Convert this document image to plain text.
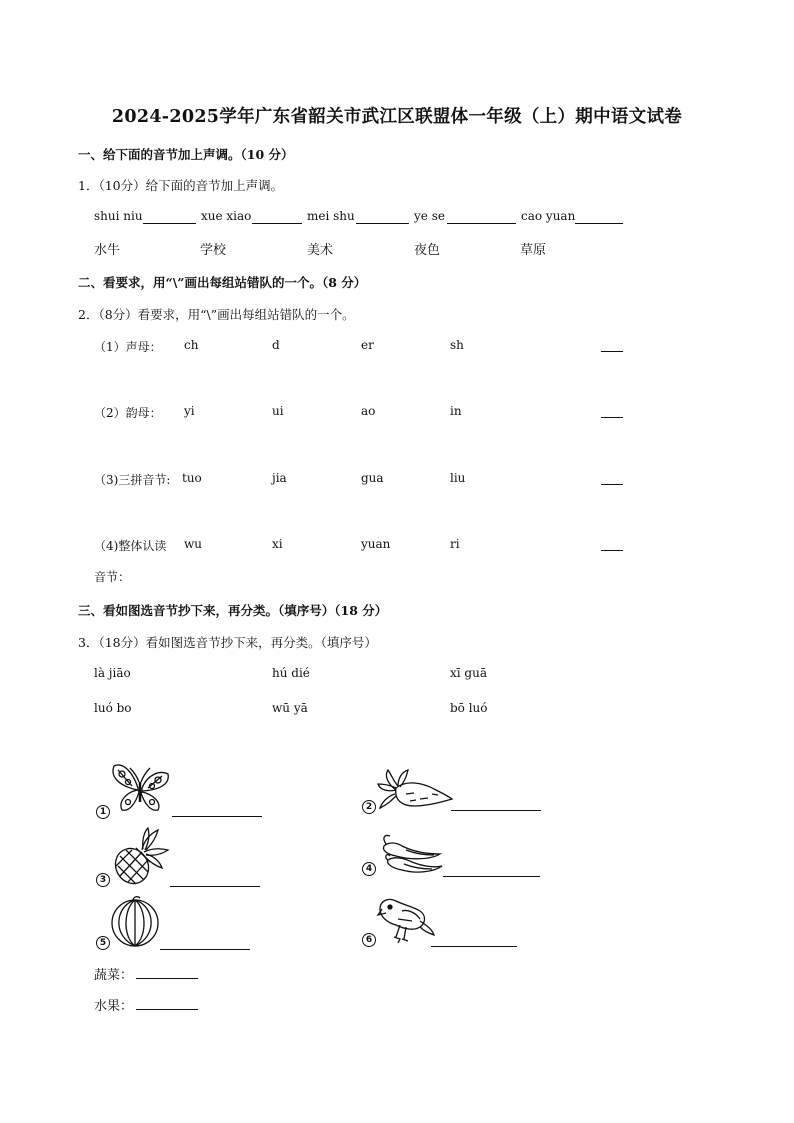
2024-2025学年广东省韶关市武江区联盟体一年级（上）期中语文试卷
一、给下面的音节加上声调。（10 分）
1．（10分）给下面的音节加上声调。
shui niu	xue xiao	mei shu	ye se	cao yuan
水牛	学校	美术	夜色	草原
二、看要求，用“\”画出每组站错队的一个。（8 分）
2．（8分）看要求，用“\”画出每组站错队的一个。
（1）声母： ch	d	er	sh
（2）韵母： yi	ui	ao	in
（3)三拼音节: tuo	jia	gua	liu
（4)整体认读 wu	xi	yuan	ri
音节：
三、看如图选音节抄下来，再分类。（填序号）（18 分）
3．（18分）看如图选音节抄下来，再分类。（填序号）
là jiāo	hú dié	xī guā
luó bo	wū yā	bō luó
1	2
3
4
5	6
蔬菜：
水果：
